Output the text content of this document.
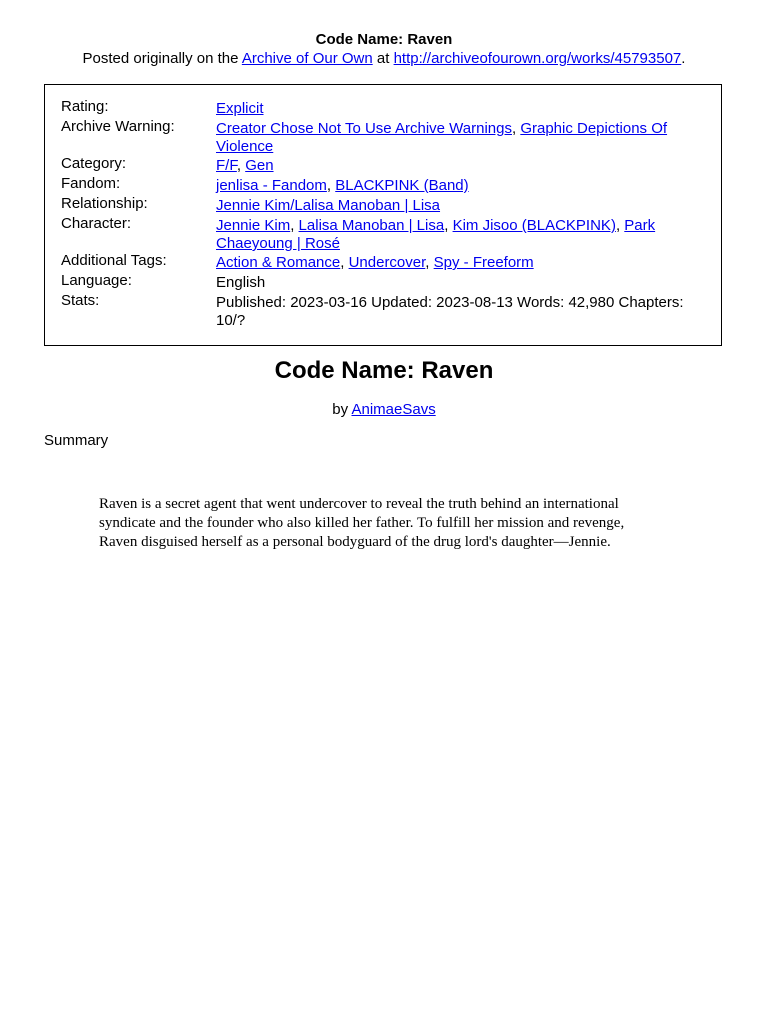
Code Name: Raven
Posted originally on the Archive of Our Own at http://archiveofourown.org/works/45793507.
Rating:	Explicit
Archive Warning:	Creator Chose Not To Use Archive Warnings, Graphic Depictions Of Violence
Category:	F/F, Gen
Fandom:	jenlisa - Fandom, BLACKPINK (Band)
Relationship:	Jennie Kim/Lalisa Manoban | Lisa
Character:	Jennie Kim, Lalisa Manoban | Lisa, Kim Jisoo (BLACKPINK), Park Chaeyoung | Rosé
Additional Tags:	Action & Romance, Undercover, Spy - Freeform
Language:	English
Stats:	Published: 2023-03-16 Updated: 2023-08-13 Words: 42,980 Chapters: 10/?
Code Name: Raven
by AnimaeSavs
Summary
Raven is a secret agent that went undercover to reveal the truth behind an international syndicate and the founder who also killed her father. To fulfill her mission and revenge, Raven disguised herself as a personal bodyguard of the drug lord's daughter—Jennie.
